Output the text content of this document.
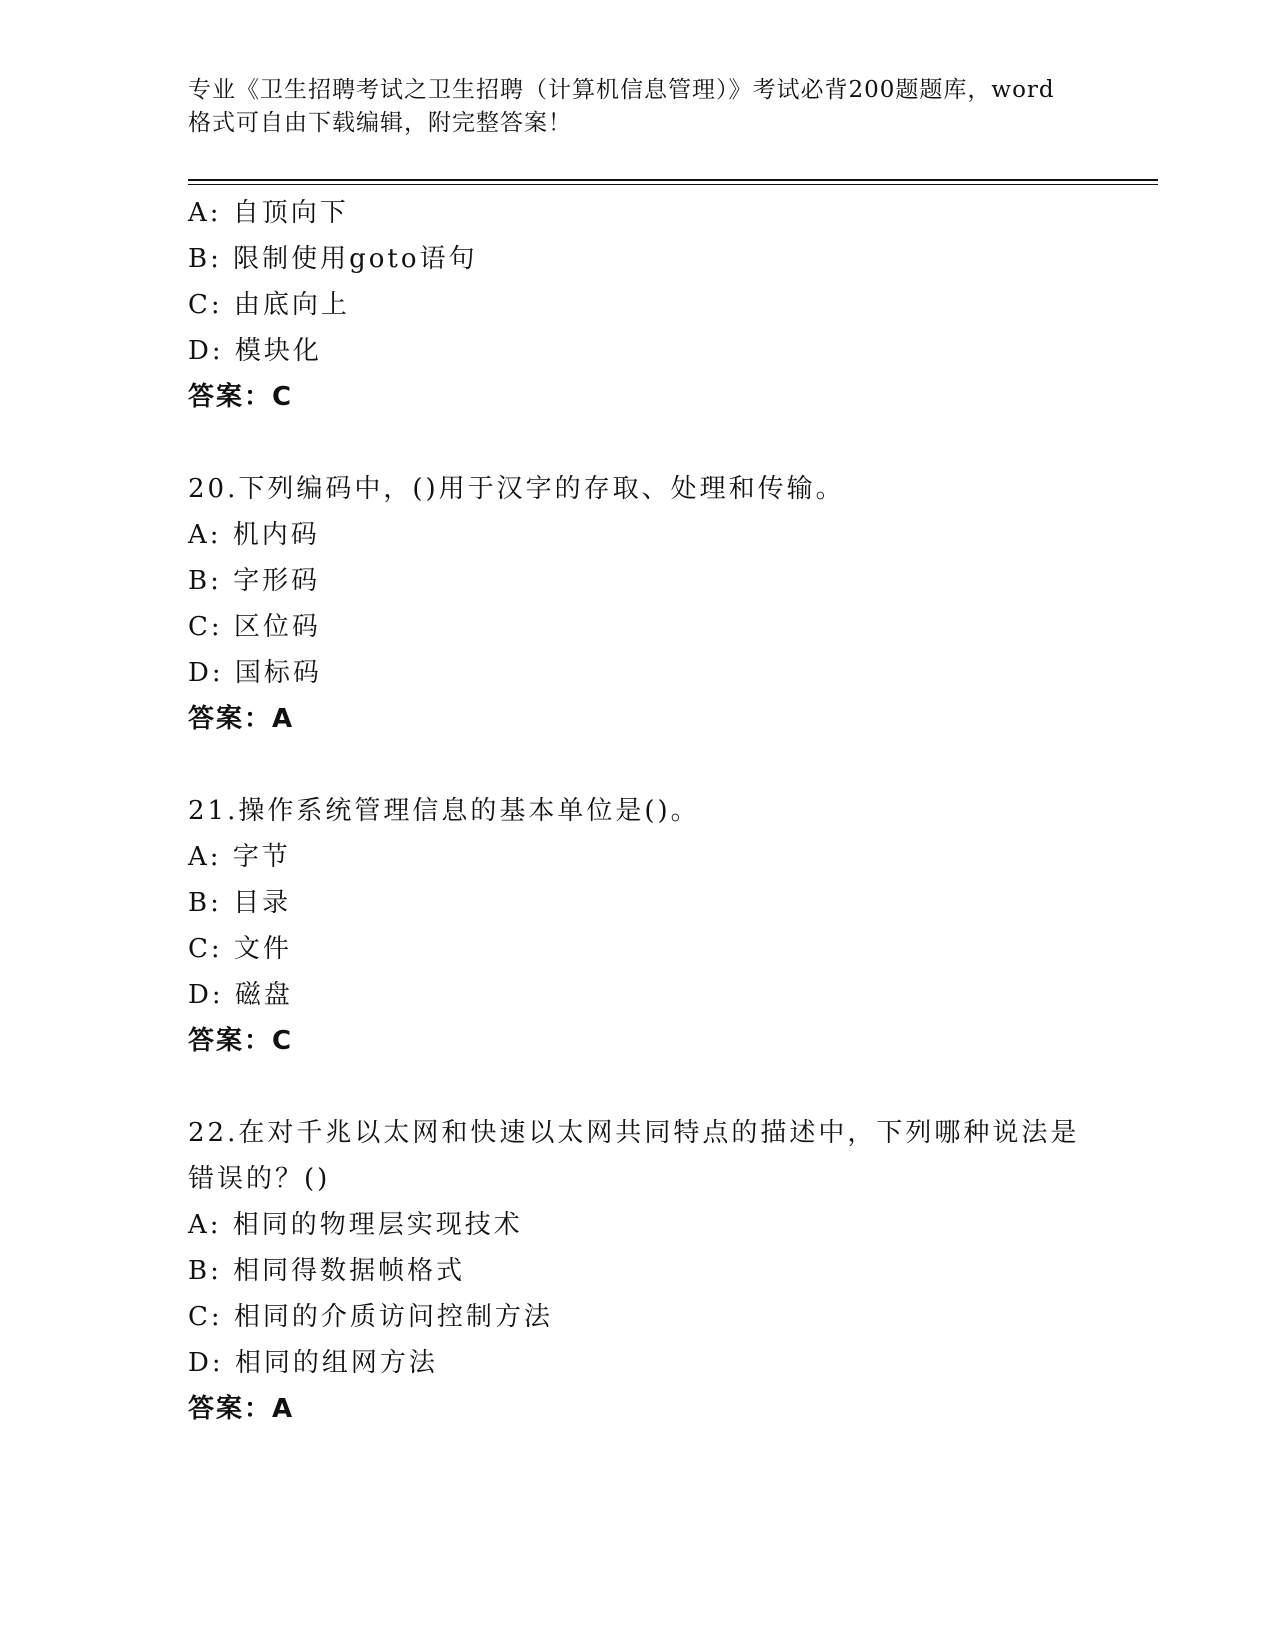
专业《卫生招聘考试之卫生招聘（计算机信息管理）》考试必背200题题库，word
格式可自由下载编辑，附完整答案！
A: 自顶向下
B: 限制使用goto语句
C: 由底向上
D: 模块化
答案：C
20.下列编码中，()用于汉字的存取、处理和传输。
A: 机内码
B: 字形码
C: 区位码
D: 国标码
答案：A
21.操作系统管理信息的基本单位是()。
A: 字节
B: 目录
C: 文件
D: 磁盘
答案：C
22.在对千兆以太网和快速以太网共同特点的描述中，下列哪种说法是
错误的？()
A: 相同的物理层实现技术
B: 相同得数据帧格式
C: 相同的介质访问控制方法
D: 相同的组网方法
答案：A
